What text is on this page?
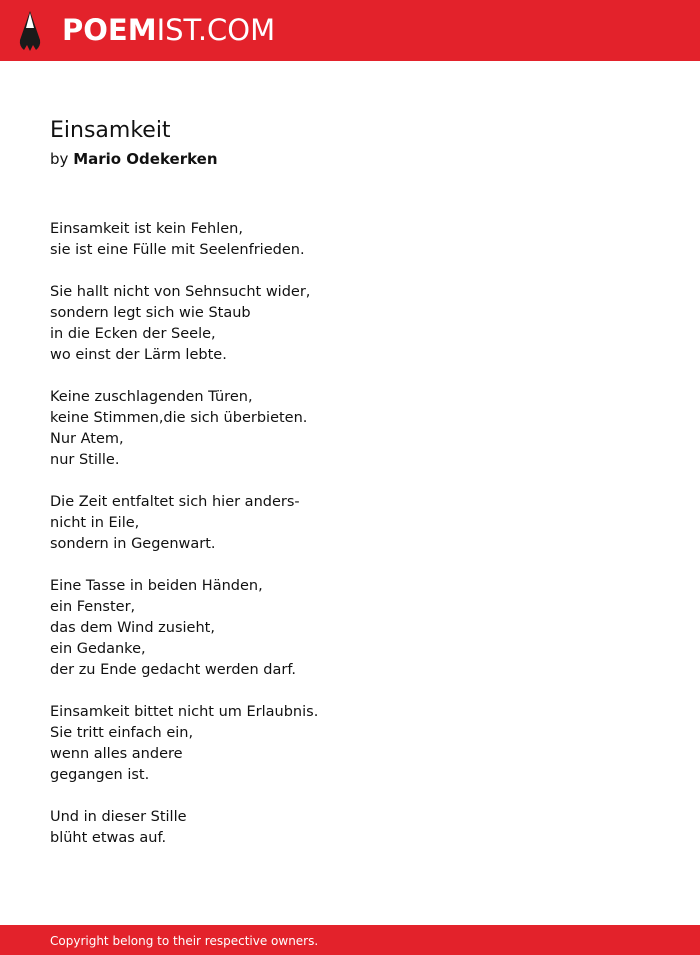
POEMIST.COM
Einsamkeit
by Mario Odekerken
Einsamkeit ist kein Fehlen,
sie ist eine Fülle mit Seelenfrieden.
Sie hallt nicht von Sehnsucht wider,
sondern legt sich wie Staub
in die Ecken der Seele,
wo einst der Lärm lebte.
Keine zuschlagenden Türen,
keine Stimmen,die sich überbieten.
Nur Atem,
nur Stille.
Die Zeit entfaltet sich hier anders-
nicht in Eile,
sondern in Gegenwart.
Eine Tasse in beiden Händen,
ein Fenster,
das dem Wind zusieht,
ein Gedanke,
der zu Ende gedacht werden darf.
Einsamkeit bittet nicht um Erlaubnis.
Sie tritt einfach ein,
wenn alles andere
gegangen ist.
Und in dieser Stille
blüht etwas auf.
Copyright belong to their respective owners.
